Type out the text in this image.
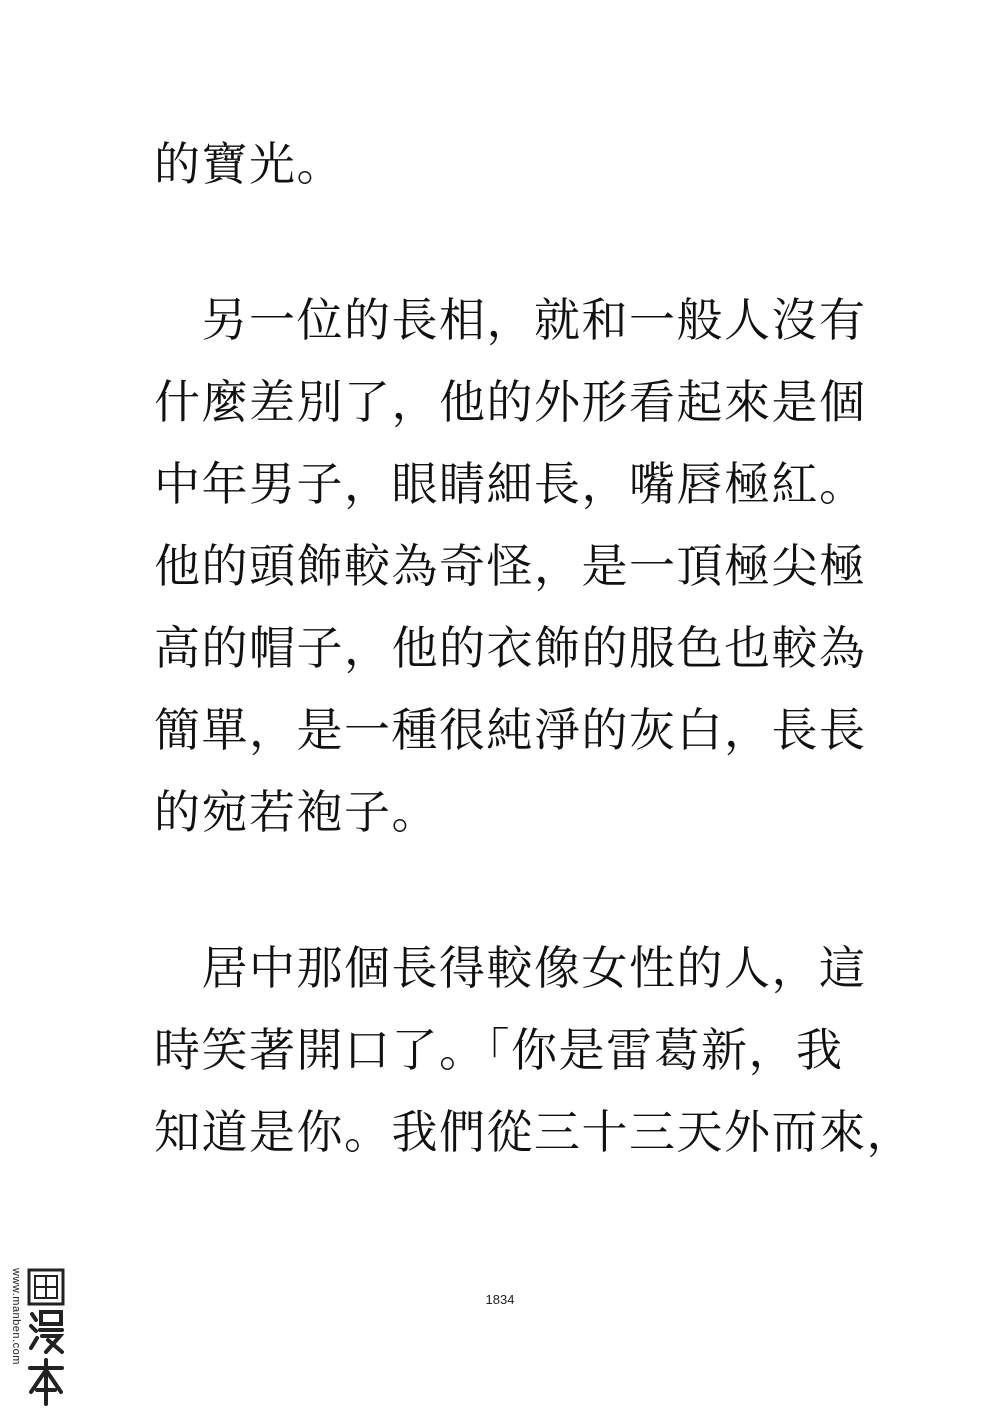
的寶光。
　另一位的長相，就和一般人沒有
什麼差別了，他的外形看起來是個
中年男子，眼睛細長，嘴唇極紅。
他的頭飾較為奇怪，是一頂極尖極
高的帽子，他的衣飾的服色也較為
簡單，是一種很純淨的灰白，長長
的宛若袍子。
　居中那個長得較像女性的人，這
時笑著開口了。「你是雷葛新，我
知道是你。我們從三十三天外而來，
1834
www.manben.com
